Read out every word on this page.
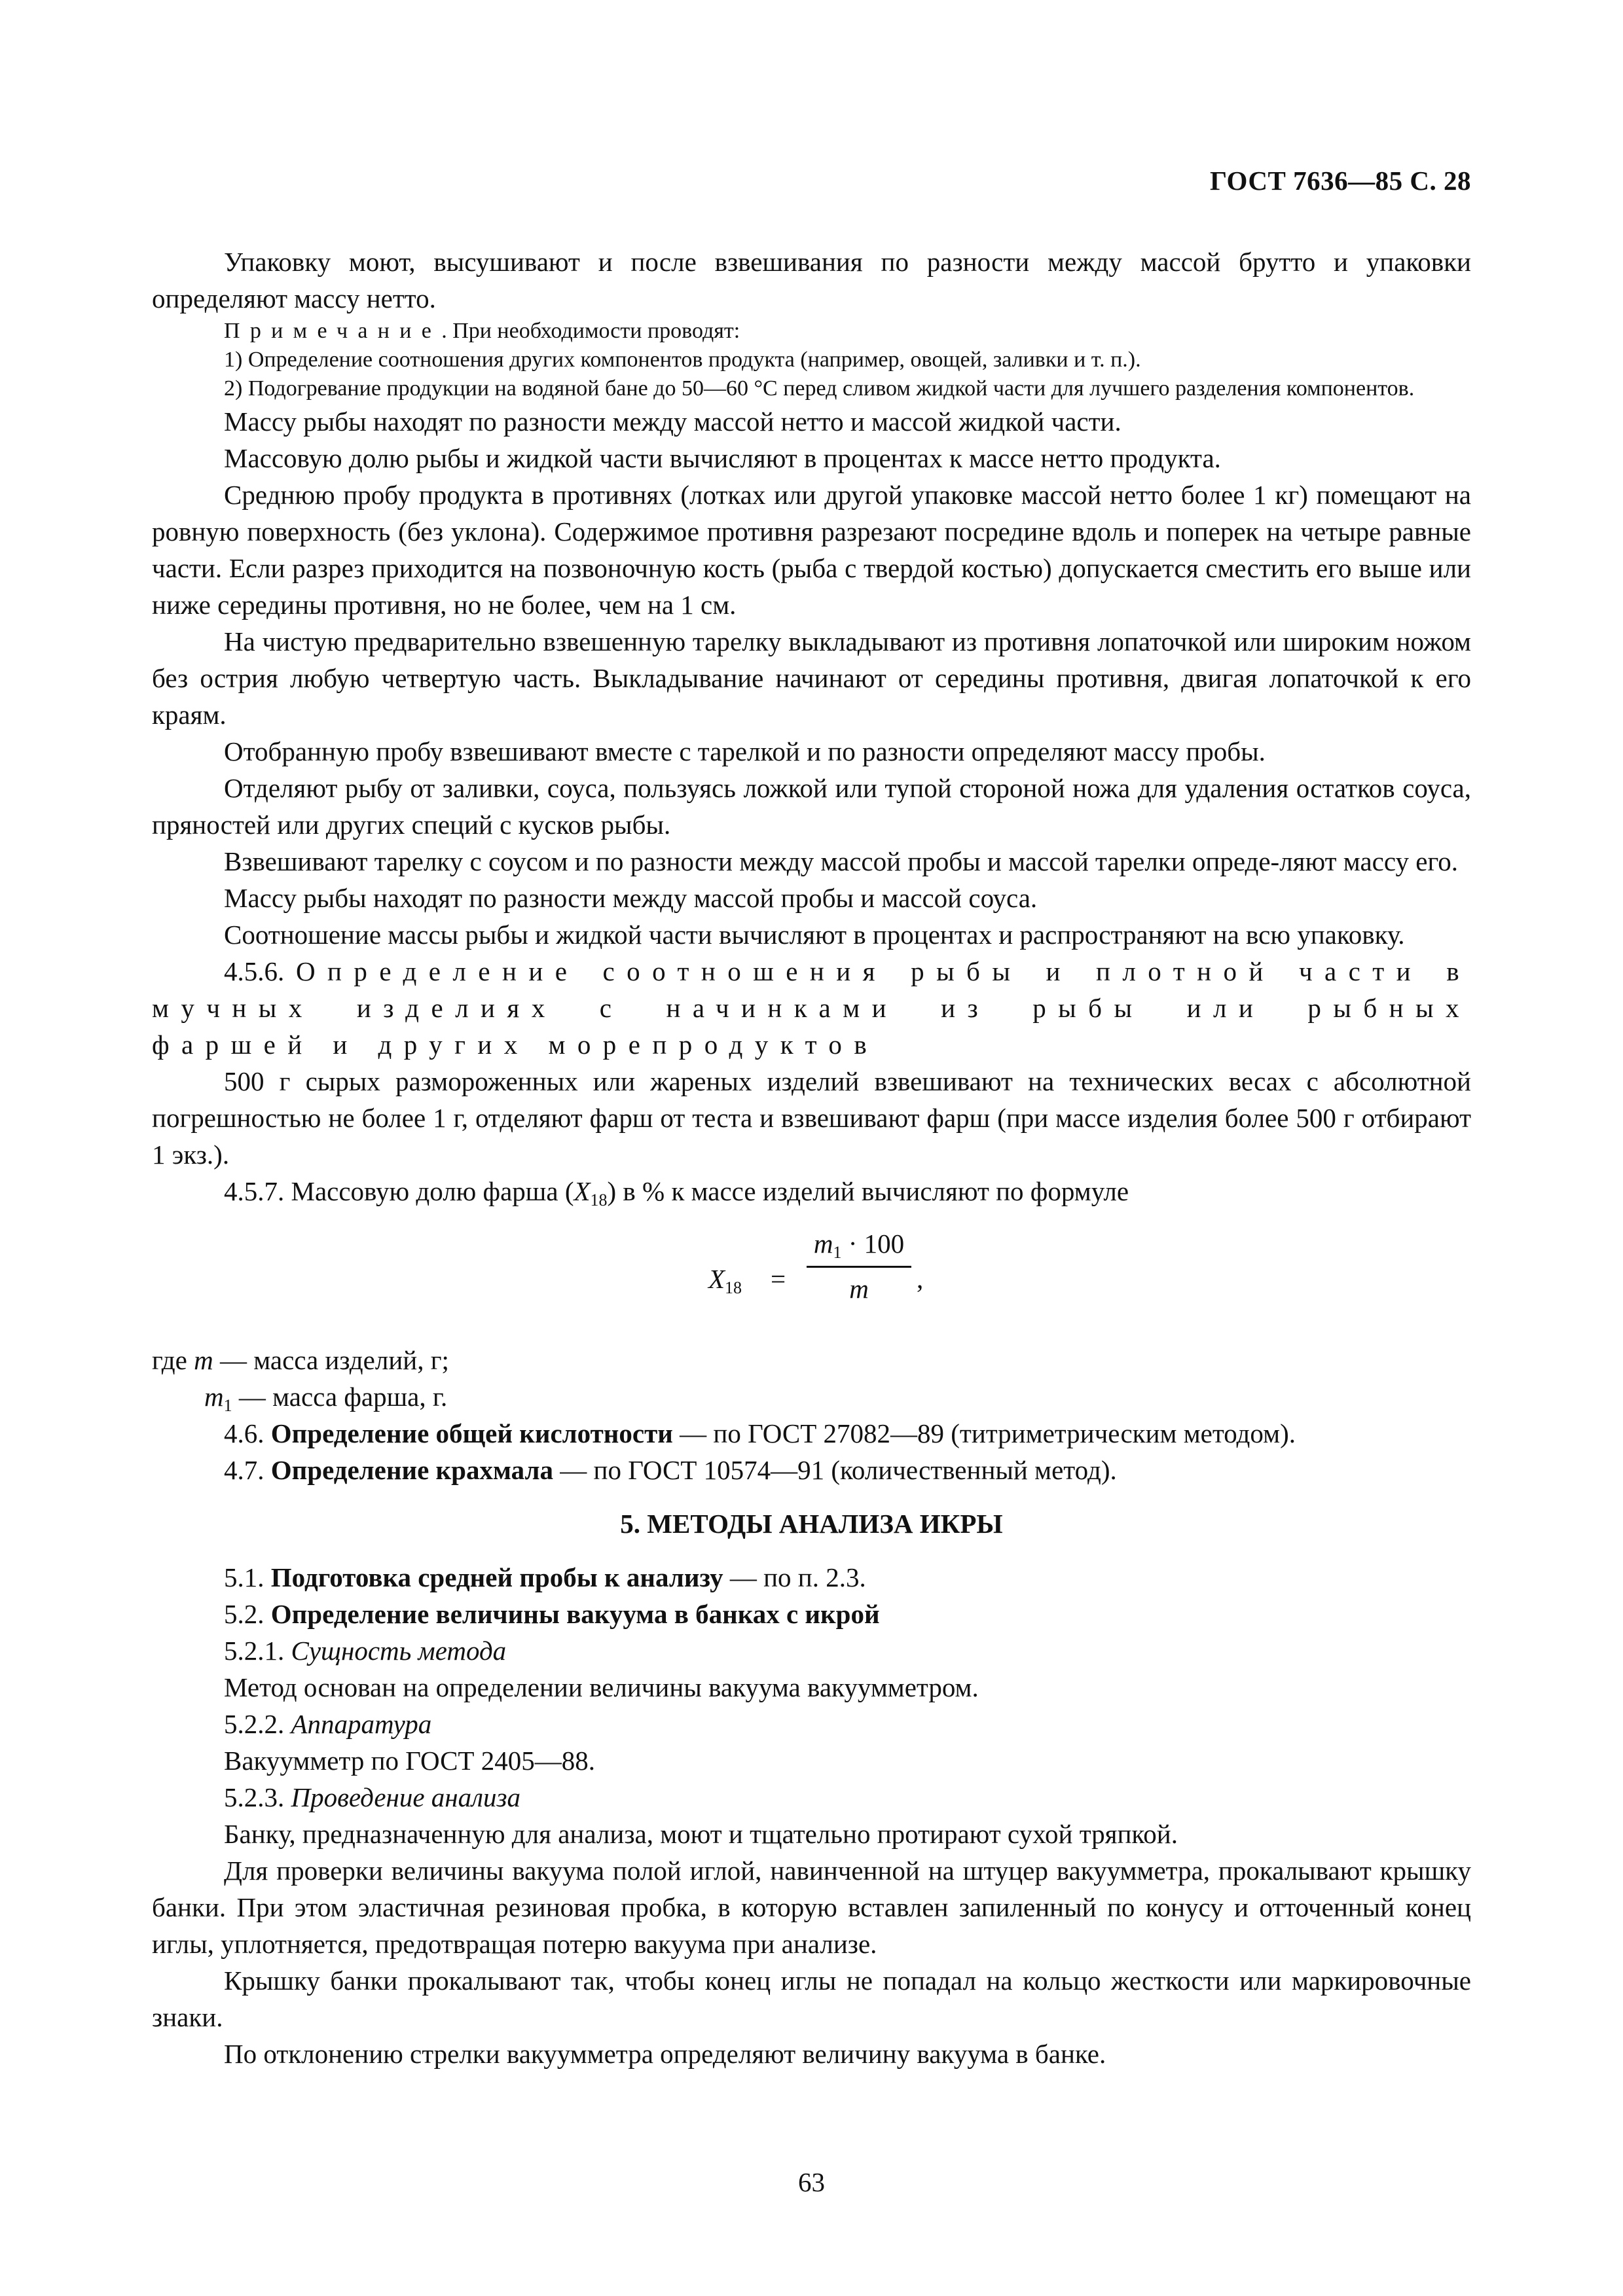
ГОСТ 7636—85 С. 28

Упаковку моют, высушивают и после взвешивания по разности между массой брутто и упаковки определяют массу нетто.

Примечание. При необходимости проводят:

1) Определение соотношения других компонентов продукта (например, овощей, заливки и т. п.).

2) Подогревание продукции на водяной бане до 50—60 °С перед сливом жидкой части для лучшего разделения компонентов.

Массу рыбы находят по разности между массой нетто и массой жидкой части.

Массовую долю рыбы и жидкой части вычисляют в процентах к массе нетто продукта.

Среднюю пробу продукта в противнях (лотках или другой упаковке массой нетто более 1 кг) помещают на ровную поверхность (без уклона). Содержимое противня разрезают посредине вдоль и поперек на четыре равные части. Если разрез приходится на позвоночную кость (рыба с твердой костью) допускается сместить его выше или ниже середины противня, но не более, чем на 1 см.

На чистую предварительно взвешенную тарелку выкладывают из противня лопаточкой или широким ножом без острия любую четвертую часть. Выкладывание начинают от середины противня, двигая лопаточкой к его краям.

Отобранную пробу взвешивают вместе с тарелкой и по разности определяют массу пробы.

Отделяют рыбу от заливки, соуса, пользуясь ложкой или тупой стороной ножа для удаления остатков соуса, пряностей или других специй с кусков рыбы.

Взвешивают тарелку с соусом и по разности между массой пробы и массой тарелки опреде-ляют массу его.

Массу рыбы находят по разности между массой пробы и массой соуса.

Соотношение массы рыбы и жидкой части вычисляют в процентах и распространяют на всю упаковку.

4.5.6. Определение соотношения рыбы и плотной части в мучных изделиях с начинками из рыбы или рыбных фаршей и других морепродуктов

500 г сырых размороженных или жареных изделий взвешивают на технических весах с абсолютной погрешностью не более 1 г, отделяют фарш от теста и взвешивают фарш (при массе изделия более 500 г отбирают 1 экз.).

4.5.7. Массовую долю фарша $(X_{18})$ в % к массе изделий вычисляют по формуле

$X_{18}$ =
$m_1 \cdot 100$
m	,

где m — масса изделий, г;

$m_1$ — масса фарша, г.

4.6. Определение общей кислотности — по ГОСТ 27082—89 (титриметрическим методом).

4.7. Определение крахмала — по ГОСТ 10574—91 (количественный метод).

5. МЕТОДЫ АНАЛИЗА ИКРЫ

5.1. Подготовка средней пробы к анализу — по п. 2.3.

5.2. Определение величины вакуума в банках с икрой

5.2.1. Сущность метода

Метод основан на определении величины вакуума вакуумметром.

5.2.2. Аппаратура

Вакуумметр по ГОСТ 2405—88.

5.2.3. Проведение анализа

Банку, предназначенную для анализа, моют и тщательно протирают сухой тряпкой.

Для проверки величины вакуума полой иглой, навинченной на штуцер вакуумметра, прокалывают крышку банки. При этом эластичная резиновая пробка, в которую вставлен запиленный по конусу и отточенный конец иглы, уплотняется, предотвращая потерю вакуума при анализе.

Крышку банки прокалывают так, чтобы конец иглы не попадал на кольцо жесткости или маркировочные знаки.

По отклонению стрелки вакуумметра определяют величину вакуума в банке.

63
